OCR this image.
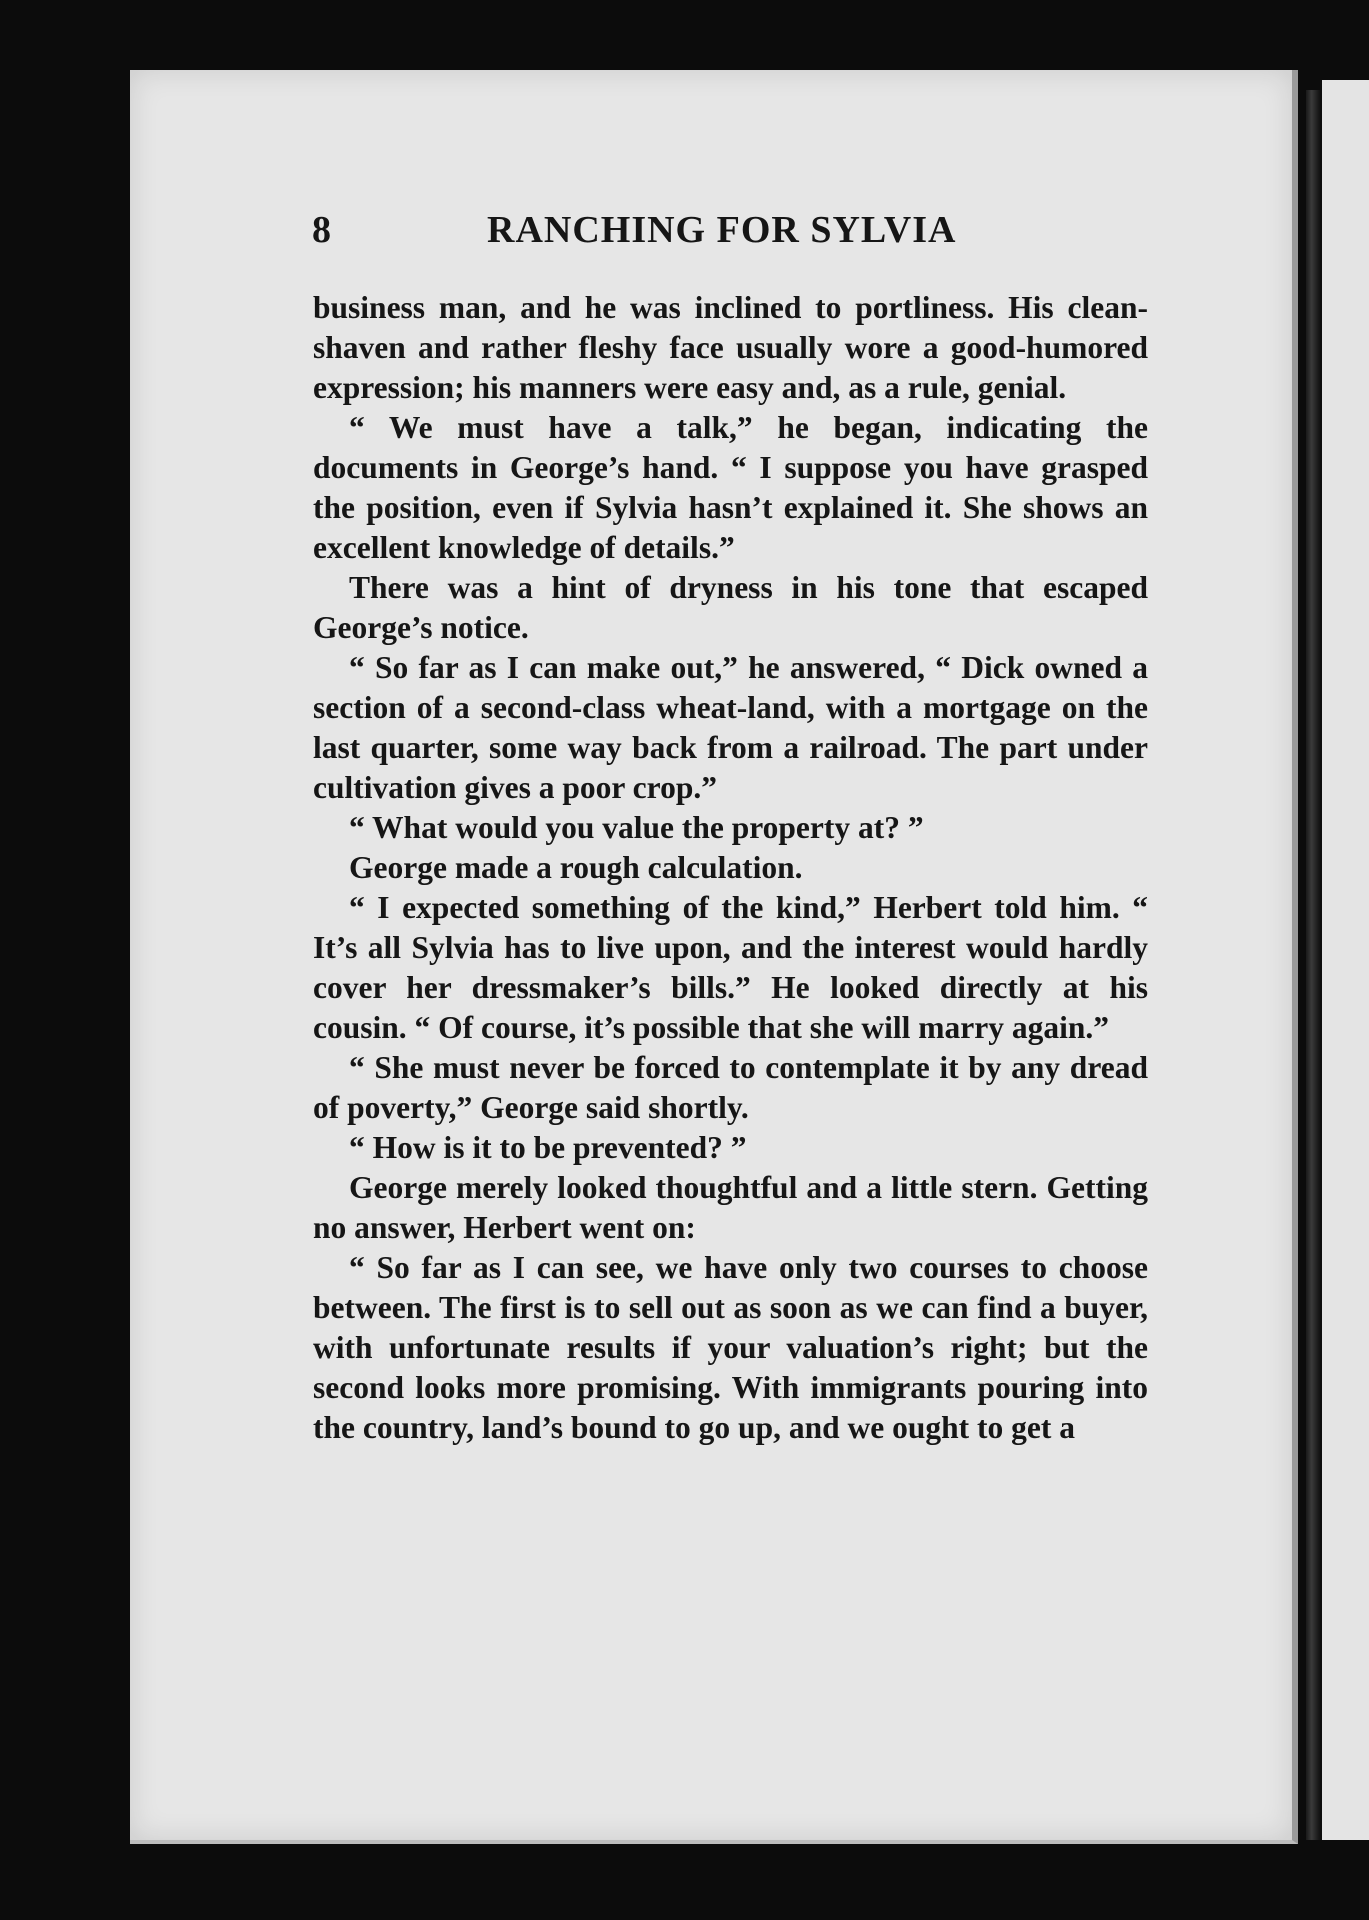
8	RANCHING FOR SYLVIA

business man, and he was inclined to portliness. His clean-shaven and rather fleshy face usually wore a good-humored expression; his manners were easy and, as a rule, genial.

“ We must have a talk,” he began, indicating the documents in George’s hand. “ I suppose you have grasped the position, even if Sylvia hasn’t explained it. She shows an excellent knowledge of details.”

There was a hint of dryness in his tone that escaped George’s notice.

“ So far as I can make out,” he answered, “ Dick owned a section of a second-class wheat-land, with a mortgage on the last quarter, some way back from a railroad. The part under cultivation gives a poor crop.”

“ What would you value the property at? ”

George made a rough calculation.

“ I expected something of the kind,” Herbert told him. “ It’s all Sylvia has to live upon, and the interest would hardly cover her dressmaker’s bills.” He looked directly at his cousin. “ Of course, it’s possible that she will marry again.”

“ She must never be forced to contemplate it by any dread of poverty,” George said shortly.

“ How is it to be prevented? ”

George merely looked thoughtful and a little stern. Getting no answer, Herbert went on:

“ So far as I can see, we have only two courses to choose between. The first is to sell out as soon as we can find a buyer, with unfortunate results if your valuation’s right; but the second looks more promising. With immigrants pouring into the country, land’s bound to go up, and we ought to get a
